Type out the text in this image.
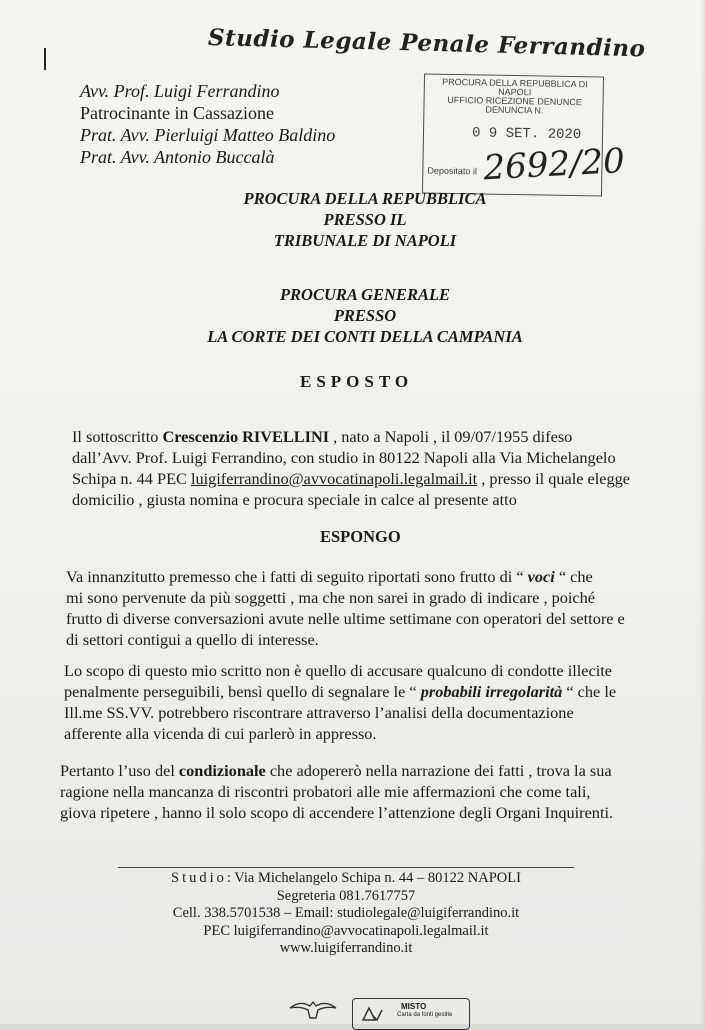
Studio Legale Penale Ferrandino
Avv. Prof. Luigi Ferrandino
Patrocinante in Cassazione
Prat. Avv. Pierluigi Matteo Baldino
Prat. Avv. Antonio Buccalà
PROCURA DELLA REPUBBLICA DI NAPOLI
UFFICIO RICEZIONE DENUNCE
DENUNCIA N.
0 9 SET. 2020
Depositato il 2692/20
PROCURA DELLA REPUBBLICA
PRESSO IL
TRIBUNALE DI NAPOLI
PROCURA GENERALE
PRESSO
LA CORTE DEI CONTI DELLA CAMPANIA
ESPOSTO
Il sottoscritto Crescenzio RIVELLINI , nato a Napoli , il 09/07/1955 difeso
dall’Avv. Prof. Luigi Ferrandino, con studio in 80122 Napoli alla Via Michelangelo
Schipa n. 44 PEC luigiferrandino@avvocatinapoli.legalmail.it , presso il quale elegge
domicilio , giusta nomina e procura speciale in calce al presente atto
ESPONGO
Va innanzitutto premesso che i fatti di seguito riportati sono frutto di “ voci “ che
mi sono pervenute da più soggetti , ma che non sarei in grado di indicare , poiché
frutto di diverse conversazioni avute nelle ultime settimane con operatori del settore e
di settori contigui a quello di interesse.
Lo scopo di questo mio scritto non è quello di accusare qualcuno di condotte illecite
penalmente perseguibili, bensì quello di segnalare le “ probabili irregolarità “ che le
Ill.me SS.VV. potrebbero riscontrare attraverso l’analisi della documentazione
afferente alla vicenda di cui parlerò in appresso.
Pertanto l’uso del condizionale che adopererò nella narrazione dei fatti , trova la sua
ragione nella mancanza di riscontri probatori alle mie affermazioni che come tali,
giova ripetere , hanno il solo scopo di accendere l’attenzione degli Organi Inquirenti.
Studio: Via Michelangelo Schipa n. 44 – 80122 NAPOLI
Segreteria 081.7617757
Cell. 338.5701538 – Email: studiolegale@luigiferrandino.it
PEC luigiferrandino@avvocatinapoli.legalmail.it
www.luigiferrandino.it
MISTO
Carta da fonti gestite
